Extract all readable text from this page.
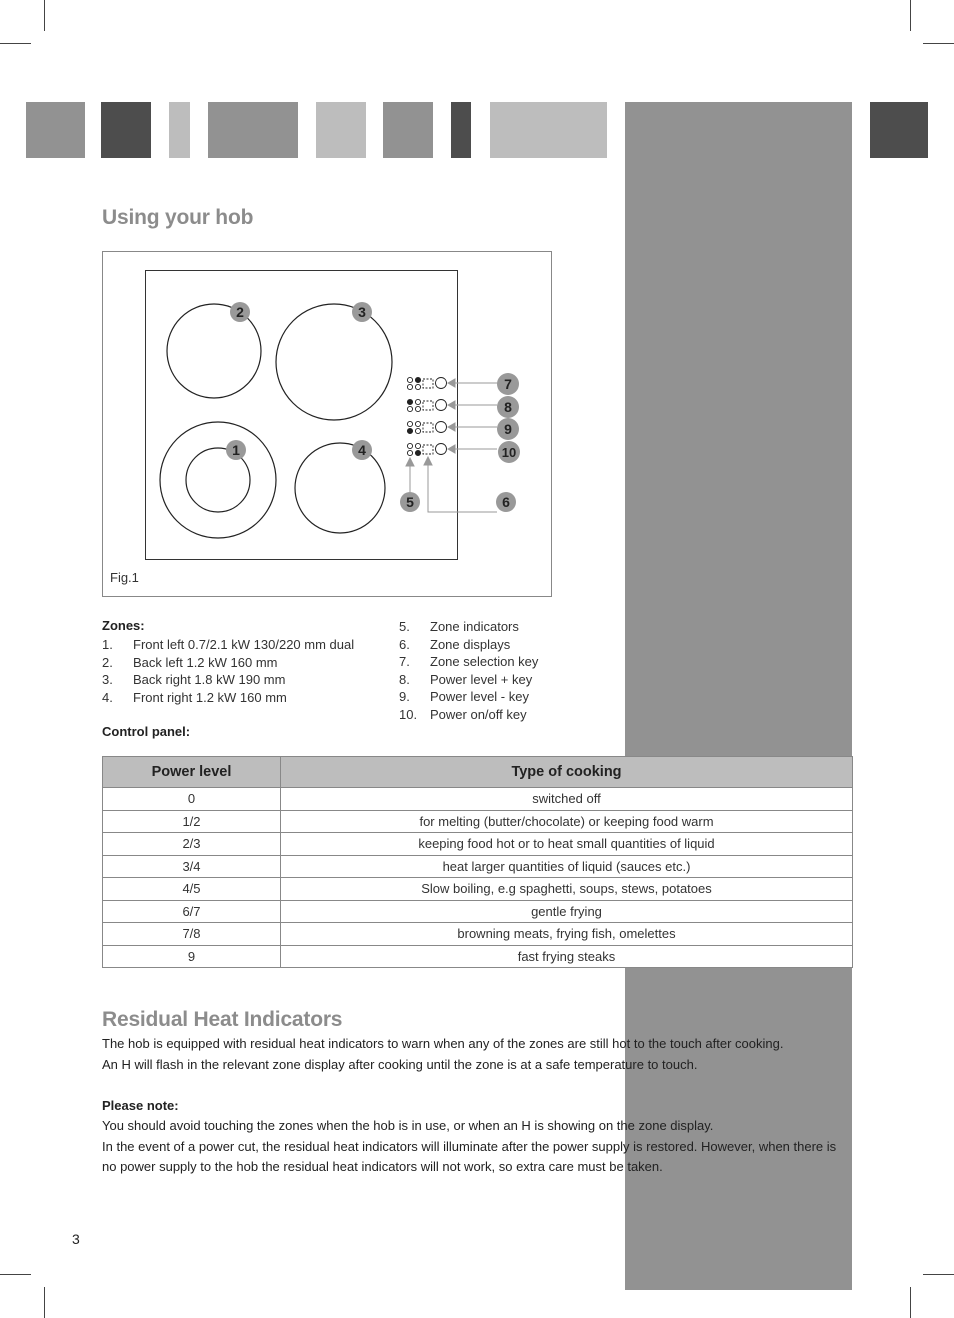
Using your hob
2	3
1	4
7
8
9
10
5	6
Fig.1
Zones:
1.	Front left 0.7/2.1 kW 130/220 mm dual
2.	Back left 1.2 kW 160 mm
3.	Back right 1.8 kW 190 mm
4.	Front right 1.2 kW 160 mm
5.	Zone indicators
6.	Zone displays
7.	Zone selection key
8.	Power level + key
9.	Power level - key
10. Power on/off key
Control panel:
Power level	Type of cooking
0	switched off
1/2	for melting (butter/chocolate) or keeping food warm
2/3	keeping food hot or to heat small quantities of liquid
3/4	heat larger quantities of liquid (sauces etc.)
4/5	Slow boiling, e.g spaghetti, soups, stews, potatoes
6/7	gentle frying
7/8	browning meats, frying fish, omelettes
9	fast frying steaks
Residual Heat Indicators
The hob is equipped with residual heat indicators to warn when any of the zones are still hot to the touch after cooking.
An H will flash in the relevant zone display after cooking until the zone is at a safe temperature to touch.
Please note:
You should avoid touching the zones when the hob is in use, or when an H is showing on the zone display.
In the event of a power cut, the residual heat indicators will illuminate after the power supply is restored. However, when there is no power supply to the hob the residual heat indicators will not work, so extra care must be taken.
3
